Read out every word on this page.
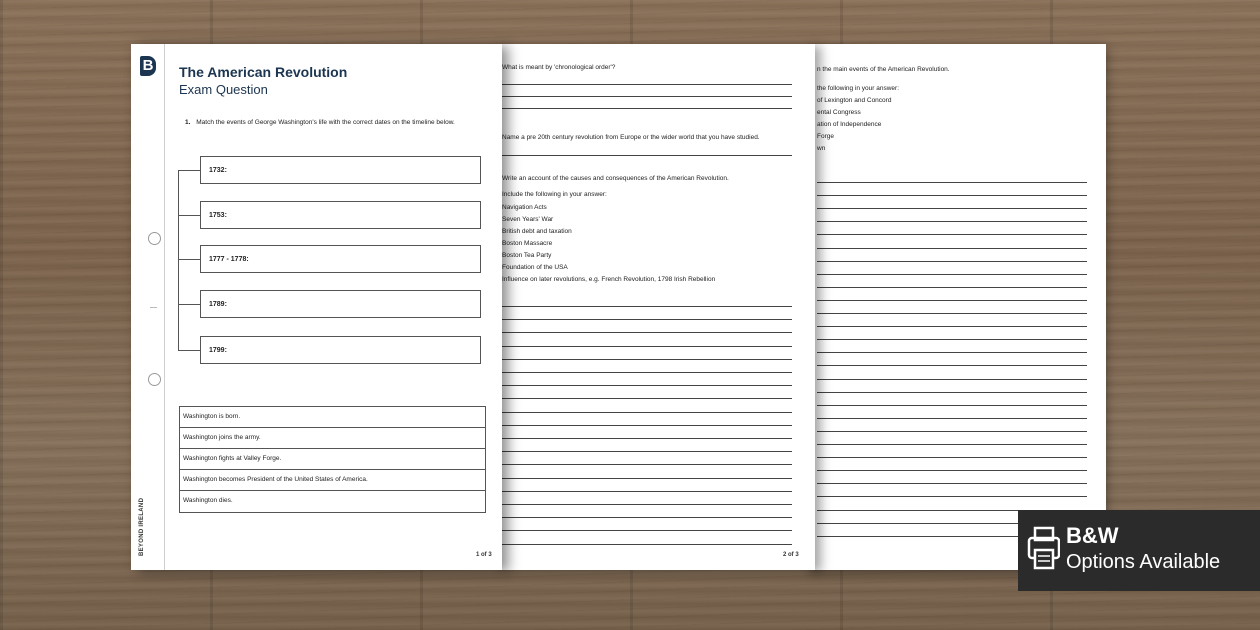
n the main events of the American Revolution.
the following in your answer:
of Lexington and Concord
ental Congress
ation of Independence
Forge
wn
What is meant by 'chronological order'?
Name a pre 20th century revolution from Europe or the wider world that you have studied.
Write an account of the causes and consequences of the American Revolution.
Include the following in your answer:
Navigation Acts
Seven Years' War
British debt and taxation
Boston Massacre
Boston Tea Party
Foundation of the USA
Influence on later revolutions, e.g. French Revolution, 1798 Irish Rebellion
2 of 3
B
BEYOND IRELAND
The American Revolution
Exam Question
1. Match the events of George Washington's life with the correct dates on the timeline below.
1732:
1753:
1777 - 1778:
1789:
1799:
Washington is born.
Washington joins the army.
Washington fights at Valley Forge.
Washington becomes President of the United States of America.
Washington dies.
1 of 3
B&W
Options Available
